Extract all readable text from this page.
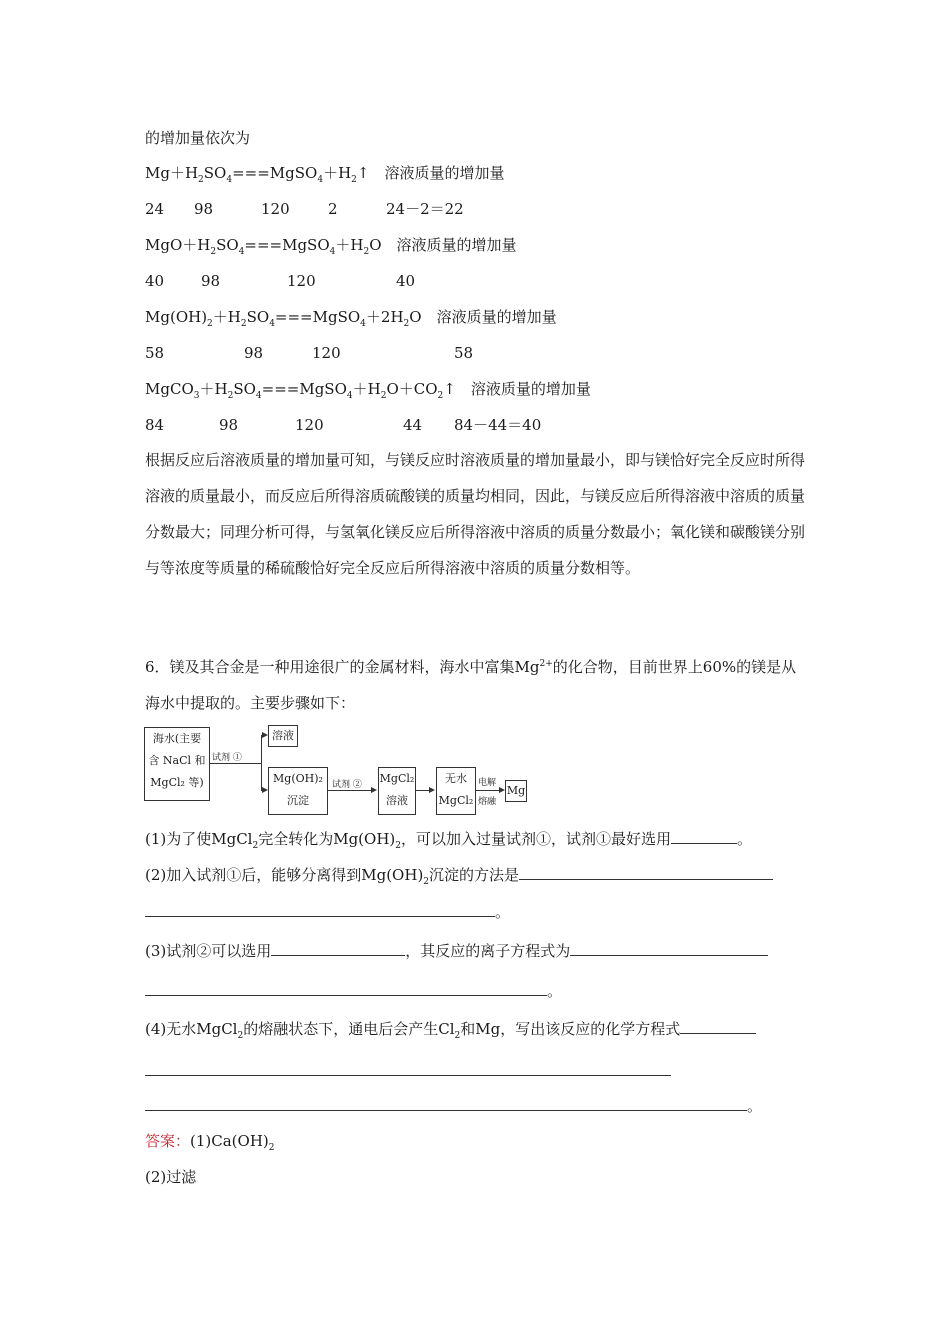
的增加量依次为
$Mg+H_2SO_4===MgSO_4+H_2↑$　溶液质量的增加量
24 98	120	2	24－2＝22
$MgO+H_2SO_4===MgSO_4+H_2O$　溶液质量的增加量
40 98	120	40
$Mg(OH)_2+H_2SO_4===MgSO_4+2H_2O$　溶液质量的增加量
58	98	120	58
$MgCO_3+H_2SO_4===MgSO_4+H_2O+CO_2↑$　溶液质量的增加量
84	98	120	44 84－44＝40
根据反应后溶液质量的增加量可知，与镁反应时溶液质量的增加量最小，即与镁恰好完全反应时所得溶液的质量最小，而反应后所得溶质硫酸镁的质量均相同，因此，与镁反应后所得溶液中溶质的质量分数最大；同理分析可得，与氢氧化镁反应后所得溶液中溶质的质量分数最小；氧化镁和碳酸镁分别与等浓度等质量的稀硫酸恰好完全反应后所得溶液中溶质的质量分数相等。
6．镁及其合金是一种用途很广的金属材料，海水中富集$Mg^{2+}$的化合物，目前世界上60%的镁是从海水中提取的。主要步骤如下：
海水(主要
含 NaCl 和
MgCl₂ 等)
试剂 ①
溶液
Mg(OH)₂
沉淀
试剂 ② MgCl₂
溶液
无水
MgCl₂
电解
熔融
Mg
(1)为了使MgCl$_2$完全转化为$Mg(OH)_2$，可以加入过量试剂①，试剂①最好选用	。
(2)加入试剂①后，能够分离得到$Mg(OH)_2$沉淀的方法是
。
(3)试剂②可以选用	，其反应的离子方程式为
。
(4)无水MgCl$_2$的熔融状态下，通电后会产生$Cl_2$和Mg，写出该反应的化学方程式
。
答案：$(1)Ca(OH)_2$
(2)过滤
